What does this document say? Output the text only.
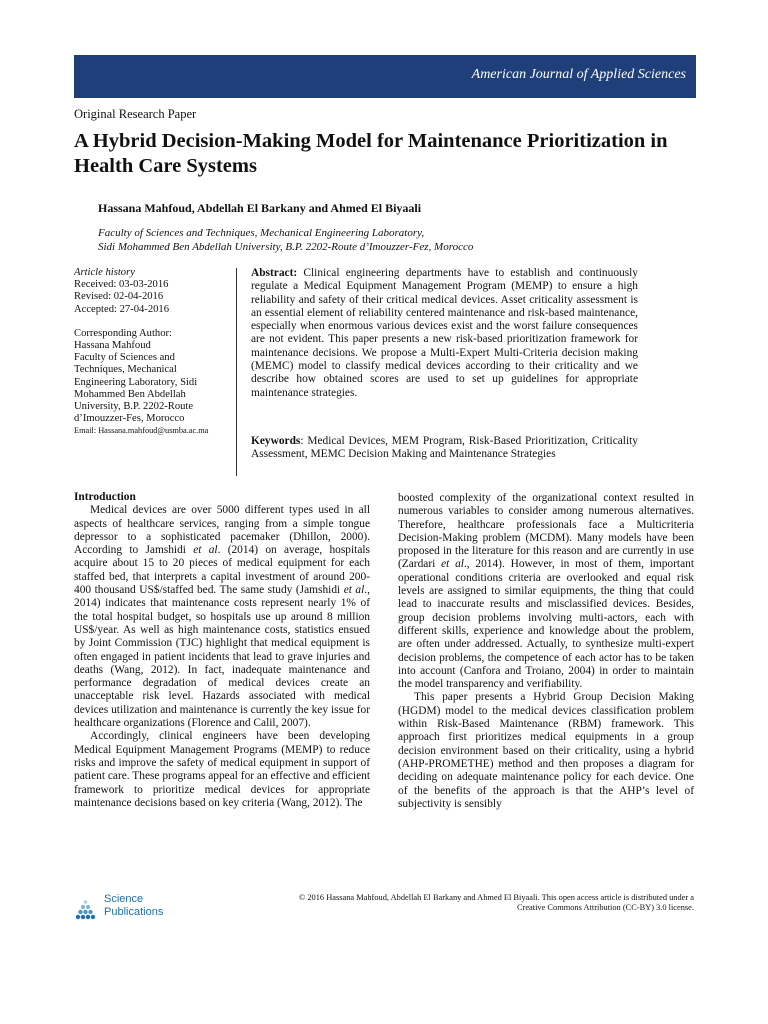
American Journal of Applied Sciences
Original Research Paper
A Hybrid Decision-Making Model for Maintenance Prioritization in Health Care Systems
Hassana Mahfoud, Abdellah El Barkany and Ahmed El Biyaali
Faculty of Sciences and Techniques, Mechanical Engineering Laboratory,
Sidi Mohammed Ben Abdellah University, B.P. 2202-Route d’Imouzzer-Fez, Morocco
Article history
Received: 03-03-2016
Revised: 02-04-2016
Accepted: 27-04-2016
Corresponding Author:
Hassana Mahfoud
Faculty of Sciences and
Techniques, Mechanical
Engineering Laboratory, Sidi
Mohammed Ben Abdellah
University, B.P. 2202-Route
d’Imouzzer-Fes, Morocco
Email: Hassana.mahfoud@usmba.ac.ma
Abstract: Clinical engineering departments have to establish and continuously regulate a Medical Equipment Management Program (MEMP) to ensure a high reliability and safety of their critical medical devices. Asset criticality assessment is an essential element of reliability centered maintenance and risk-based maintenance, especially when enormous various devices exist and the worst failure consequences are not evident. This paper presents a new risk-based prioritization framework for maintenance decisions. We propose a Multi-Expert Multi-Criteria decision making (MEMC) model to classify medical devices according to their criticality and we describe how obtained scores are used to set up guidelines for appropriate maintenance strategies.
Keywords: Medical Devices, MEM Program, Risk-Based Prioritization, Criticality Assessment, MEMC Decision Making and Maintenance Strategies

Introduction

Medical devices are over 5000 different types used in all aspects of healthcare services, ranging from a simple tongue depressor to a sophisticated pacemaker (Dhillon, 2000). According to Jamshidi et al. (2014) on average, hospitals acquire about 15 to 20 pieces of medical equipment for each staffed bed, that interprets a capital investment of around 200-400 thousand US$/staffed bed. The same study (Jamshidi et al., 2014) indicates that maintenance costs represent nearly 1% of the total hospital budget, so hospitals use up around 8 million US$/year. As well as high maintenance costs, statistics ensued by Joint Commission (TJC) highlight that medical equipment is often engaged in patient incidents that lead to grave injuries and deaths (Wang, 2012). In fact, inadequate maintenance and performance degradation of medical devices create an unacceptable risk level. Hazards associated with medical devices utilization and maintenance is currently the key issue for healthcare organizations (Florence and Calil, 2007).

Accordingly, clinical engineers have been developing Medical Equipment Management Programs (MEMP) to reduce risks and improve the safety of medical equipment in support of patient care. These programs appeal for an effective and efficient framework to prioritize medical devices for appropriate maintenance decisions based on key criteria (Wang, 2012). The

boosted complexity of the organizational context resulted in numerous variables to consider among numerous alternatives. Therefore, healthcare professionals face a Multicriteria Decision-Making problem (MCDM). Many models have been proposed in the literature for this reason and are currently in use (Zardari et al., 2014). However, in most of them, important operational conditions criteria are overlooked and equal risk levels are assigned to similar equipments, the thing that could lead to inaccurate results and misclassified devices. Besides, group decision problems involving multi-actors, each with different skills, experience and knowledge about the problem, are often under addressed. Actually, to synthesize multi-expert decision problems, the competence of each actor has to be taken into account (Canfora and Troiano, 2004) in order to maintain the model transparency and verifiability.

This paper presents a Hybrid Group Decision Making (HGDM) model to the medical devices classification problem within Risk-Based Maintenance (RBM) framework. This approach first prioritizes medical equipments in a group decision environment based on their criticality, using a hybrid (AHP-PROMETHE) method and then proposes a diagram for deciding on adequate maintenance policy for each device. One of the benefits of the approach is that the AHP’s level of subjectivity is sensibly

Science
Publications
© 2016 Hassana Mahfoud, Abdellah El Barkany and Ahmed El Biyaali. This open access article is distributed under a
Creative Commons Attribution (CC-BY) 3.0 license.
